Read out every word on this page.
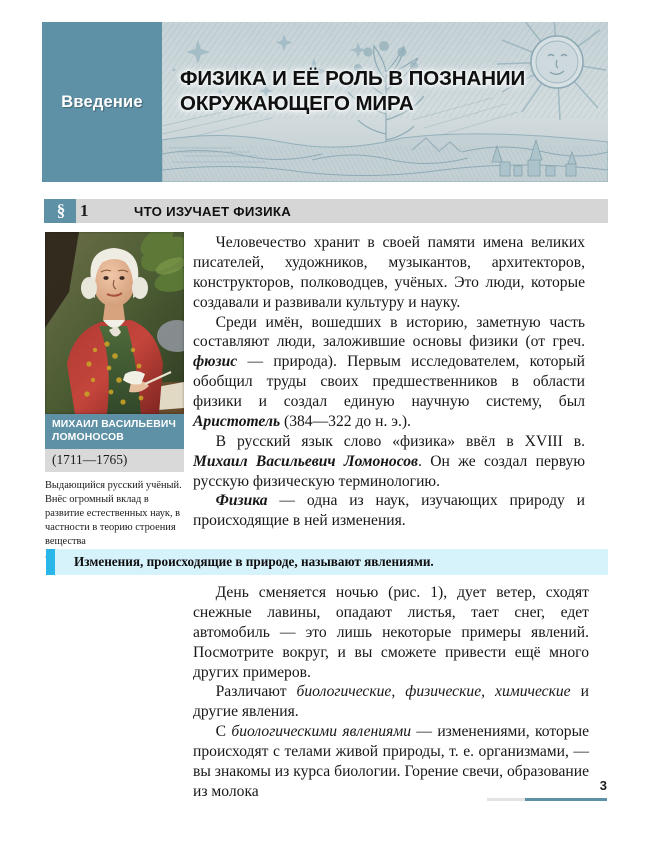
Введение
ФИЗИКА И ЕЁ РОЛЬ В ПОЗНАНИИ
ОКРУЖАЮЩЕГО МИРА
§ 1	ЧТО ИЗУЧАЕТ ФИЗИКА
МИХАИЛ ВАСИЛЬЕВИЧ ЛОМОНОСОВ
(1711—1765)
Выдающийся русский учёный. Внёс огромный вклад в развитие естественных наук, в частности в теорию строения вещества

Человечество хранит в своей памяти имена великих писателей, художников, музыкантов, архитекторов, конструкторов, полководцев, учёных. Это люди, которые создавали и развивали культуру и науку.

Среди имён, вошедших в историю, заметную часть составляют люди, заложившие основы физики (от греч. фюзис — природа). Первым исследователем, который обобщил труды своих предшественников в области физики и создал единую научную систему, был Аристотель (384—322 до н. э.).

В русский язык слово «физика» ввёл в XVIII в. Михаил Васильевич Ломоносов. Он же создал первую русскую физическую терминологию.

Физика — одна из наук, изучающих природу и происходящие в ней изменения.

Изменения, происходящие в природе, называют явлениями.

День сменяется ночью (рис. 1), дует ветер, сходят снежные лавины, опадают листья, тает снег, едет автомобиль — это лишь некоторые примеры явлений. Посмотрите вокруг, и вы сможете привести ещё много других примеров.

Различают биологические, физические, химические и другие явления.

С биологическими явлениями — изменениями, которые происходят с телами живой природы, т. е. организмами, — вы знакомы из курса биологии. Горение свечи, образование из молока	3
